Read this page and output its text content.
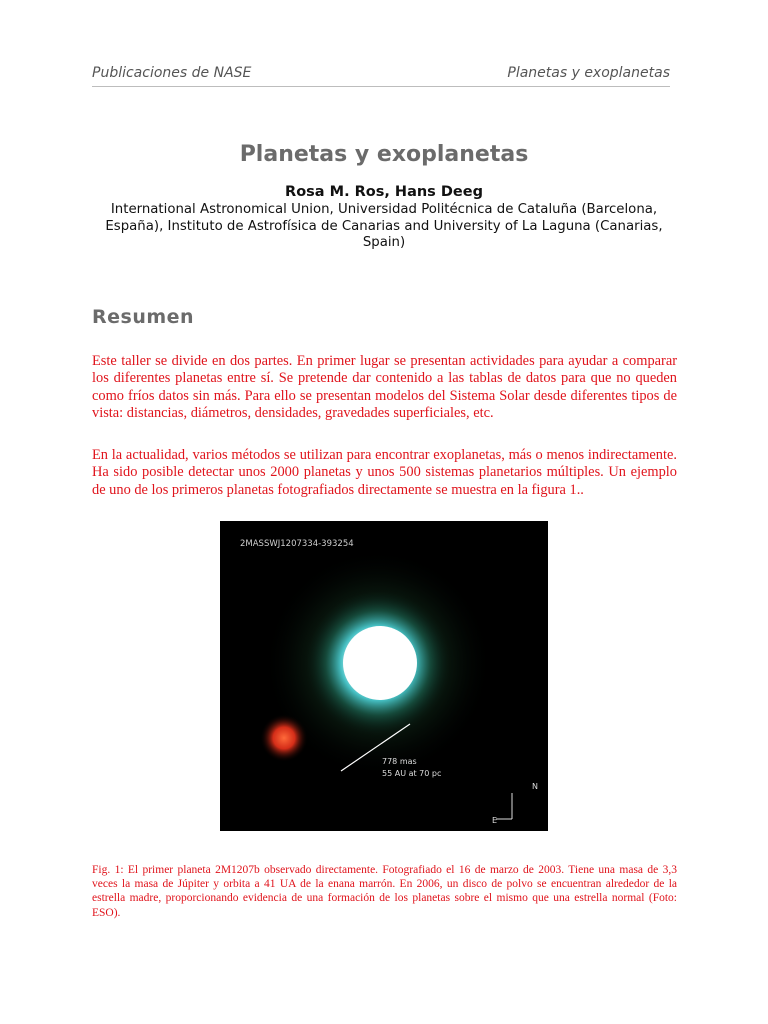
Publicaciones de NASE	Planetas y exoplanetas
Planetas y exoplanetas
Rosa M. Ros, Hans Deeg
International Astronomical Union, Universidad Politécnica de Cataluña (Barcelona, España), Instituto de Astrofísica de Canarias and University of La Laguna (Canarias, Spain)
Resumen

Este taller se divide en dos partes. En primer lugar se presentan actividades para ayudar a comparar los diferentes planetas entre sí. Se pretende dar contenido a las tablas de datos para que no queden como fríos datos sin más. Para ello se presentan modelos del Sistema Solar desde diferentes tipos de vista: distancias, diámetros, densidades, gravedades superficiales, etc.

En la actualidad, varios métodos se utilizan para encontrar exoplanetas, más o menos indirectamente. Ha sido posible detectar unos 2000 planetas y unos 500 sistemas planetarios múltiples. Un ejemplo de uno de los primeros planetas fotografiados directamente se muestra en la figura 1..

2MASSWJ1207334-393254
778 mas
55 AU at 70 pc
N
E

Fig. 1: El primer planeta 2M1207b observado directamente. Fotografiado el 16 de marzo de 2003. Tiene una masa de 3,3 veces la masa de Júpiter y orbita a 41 UA de la enana marrón. En 2006, un disco de polvo se encuentran alrededor de la estrella madre, proporcionando evidencia de una formación de los planetas sobre el mismo que una estrella normal (Foto: ESO).
